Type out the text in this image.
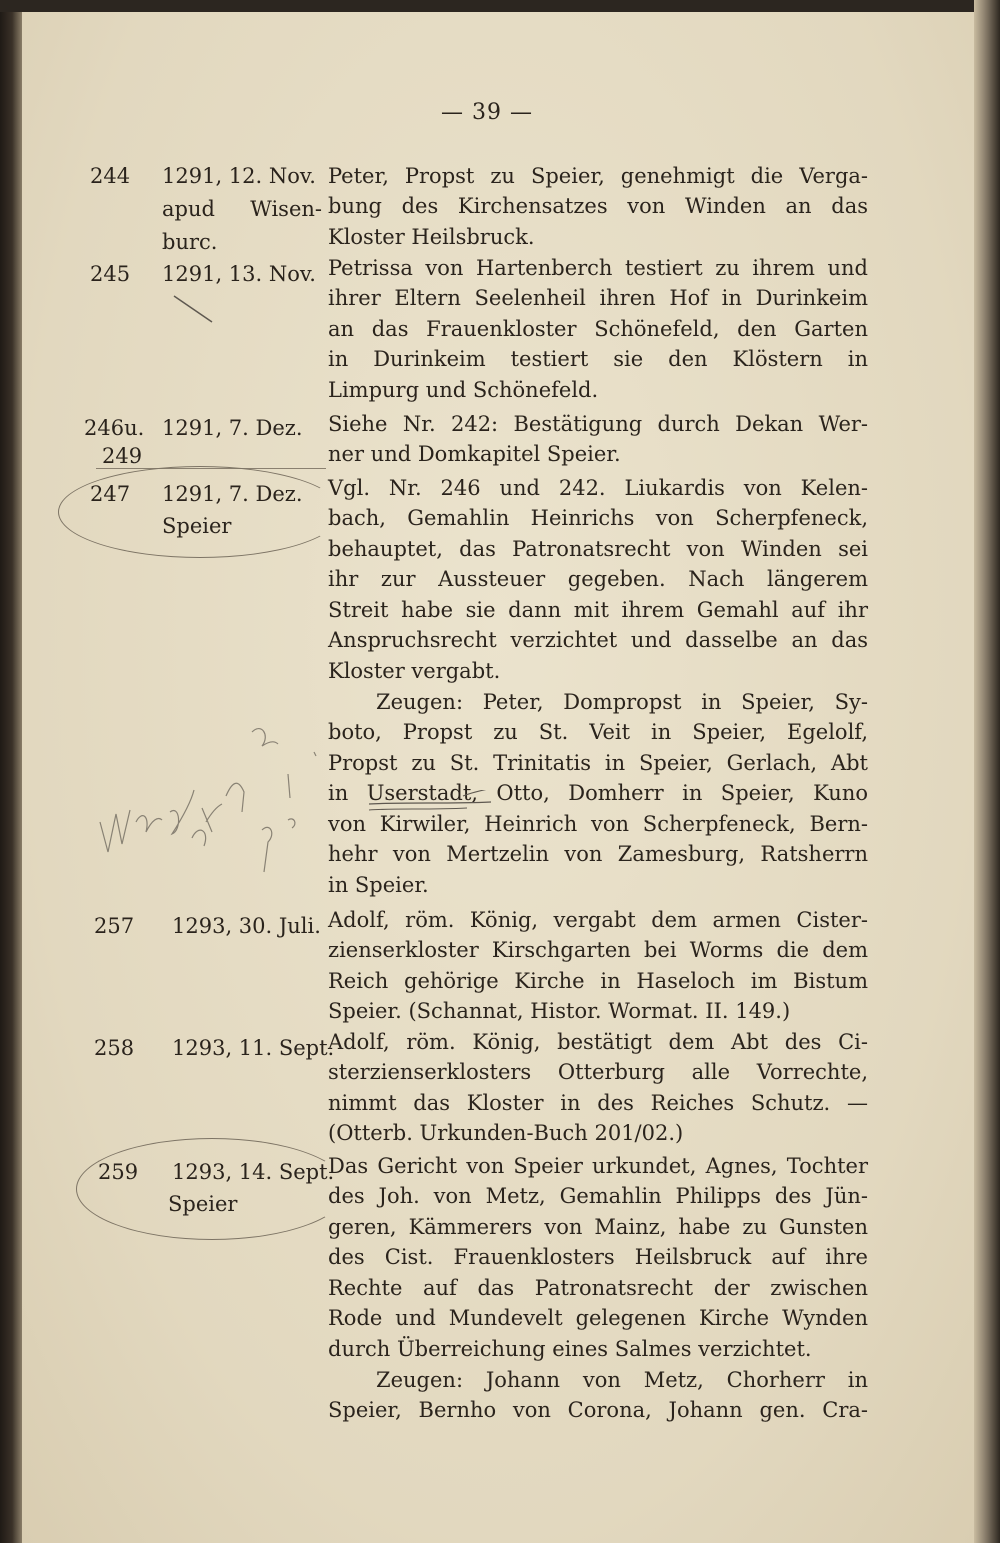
— 39 —
244 1291, 12. Nov.
apud Wisen-
burc.
Peter, Propst zu Speier, genehmigt die Verga-
bung des Kirchensatzes von Winden an das
Kloster Heilsbruck.
245 1291, 13. Nov. Petrissa von Hartenberch testiert zu ihrem und
ihrer Eltern Seelenheil ihren Hof in Durinkeim
an das Frauenkloster Schönefeld, den Garten
in Durinkeim testiert sie den Klöstern in
Limpurg und Schönefeld.
246u.
249
1291, 7. Dez. Siehe Nr. 242: Bestätigung durch Dekan Wer-
ner und Domkapitel Speier.
247 1291, 7. Dez.
Speier
Vgl. Nr. 246 und 242. Liukardis von Kelen-
bach, Gemahlin Heinrichs von Scherpfeneck,
behauptet, das Patronatsrecht von Winden sei
ihr zur Aussteuer gegeben. Nach längerem
Streit habe sie dann mit ihrem Gemahl auf ihr
Anspruchsrecht verzichtet und dasselbe an das
Kloster vergabt.
Zeugen: Peter, Dompropst in Speier, Sy-
boto, Propst zu St. Veit in Speier, Egelolf,
Propst zu St. Trinitatis in Speier, Gerlach, Abt
in Userstadt, Otto, Domherr in Speier, Kuno
von Kirwiler, Heinrich von Scherpfeneck, Bern-
hehr von Mertzelin von Zamesburg, Ratsherrn
in Speier.
257 1293, 30. Juli. Adolf, röm. König, vergabt dem armen Cister-
zienserkloster Kirschgarten bei Worms die dem
Reich gehörige Kirche in Haseloch im Bistum
Speier. (Schannat, Histor. Wormat. II. 149.)
258 1293, 11. Sept.
Adolf, röm. König, bestätigt dem Abt des Ci-
sterzienserklosters Otterburg alle Vorrechte,
nimmt das Kloster in des Reiches Schutz. —
(Otterb. Urkunden-Buch 201/02.)
259 1293, 14. Sept.
Speier
Das Gericht von Speier urkundet, Agnes, Tochter
des Joh. von Metz, Gemahlin Philipps des Jün-
geren, Kämmerers von Mainz, habe zu Gunsten
des Cist. Frauenklosters Heilsbruck auf ihre
Rechte auf das Patronatsrecht der zwischen
Rode und Mundevelt gelegenen Kirche Wynden
durch Überreichung eines Salmes verzichtet.
Zeugen: Johann von Metz, Chorherr in
Speier, Bernho von Corona, Johann gen. Cra-
